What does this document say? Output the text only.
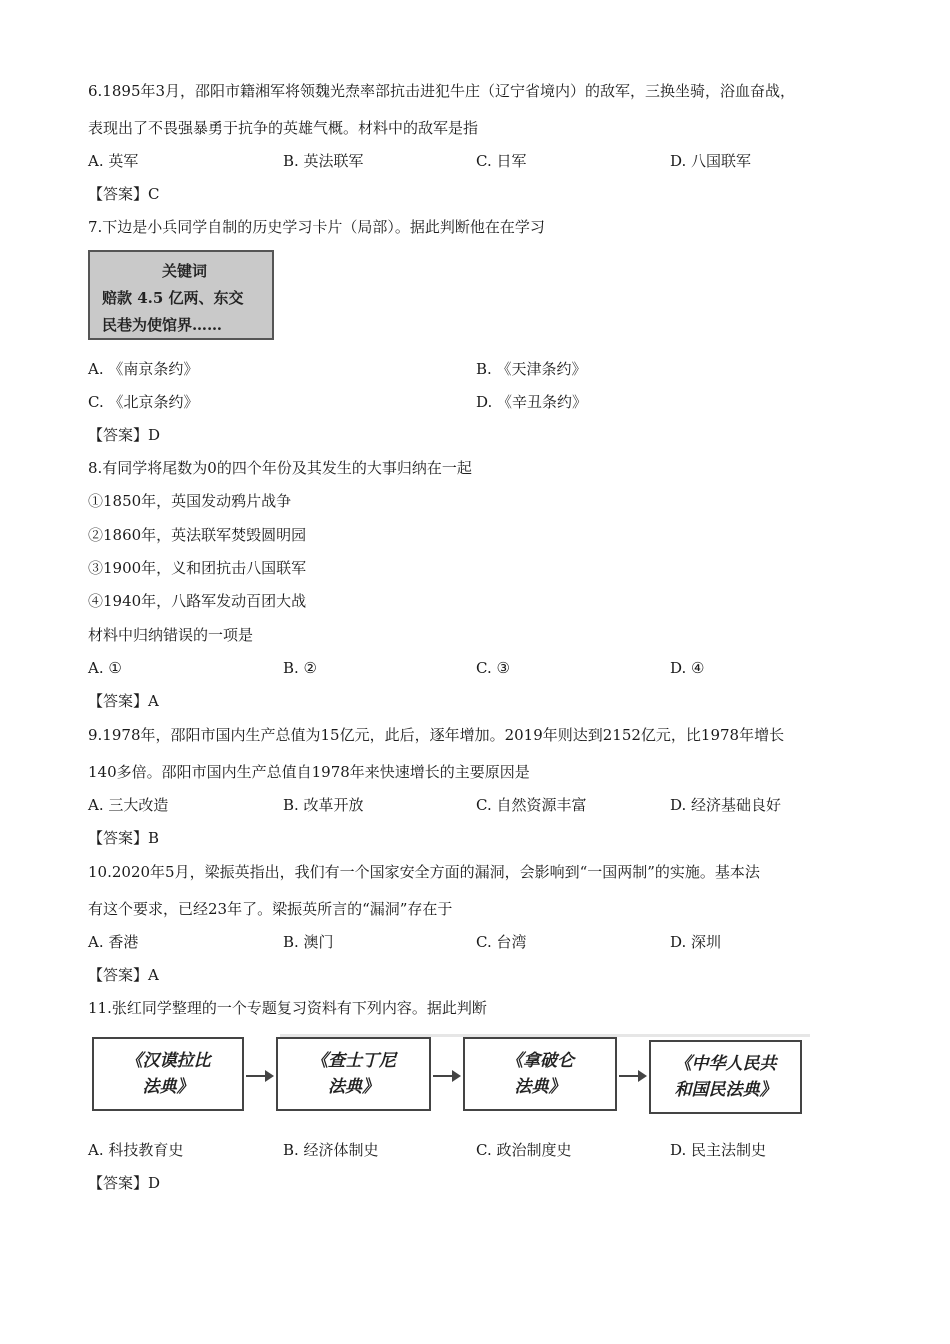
6.1895年3月，邵阳市籍湘军将领魏光焘率部抗击进犯牛庄（辽宁省境内）的敌军，三换坐骑，浴血奋战，
表现出了不畏强暴勇于抗争的英雄气概。材料中的敌军是指
A. 英军	B. 英法联军	C. 日军	D. 八国联军
【答案】C
7.下边是小兵同学自制的历史学习卡片（局部）。据此判断他在在学习
关键词
赔款 4.5 亿两、东交
民巷为使馆界……
A. 《南京条约》	B. 《天津条约》
C. 《北京条约》	D. 《辛丑条约》
【答案】D
8.有同学将尾数为0的四个年份及其发生的大事归纳在一起
①1850年，英国发动鸦片战争
②1860年，英法联军焚毁圆明园
③1900年，义和团抗击八国联军
④1940年，八路军发动百团大战
材料中归纳错误的一项是
A. ①	B. ②	C. ③	D. ④
【答案】A
9.1978年，邵阳市国内生产总值为15亿元，此后，逐年增加。2019年则达到2152亿元，比1978年增长
140多倍。邵阳市国内生产总值自1978年来快速增长的主要原因是
A. 三大改造	B. 改革开放	C. 自然资源丰富	D. 经济基础良好
【答案】B
10.2020年5月，梁振英指出，我们有一个国家安全方面的漏洞，会影响到“一国两制”的实施。基本法
有这个要求，已经23年了。梁振英所言的“漏洞”存在于
A. 香港	B. 澳门	C. 台湾	D. 深圳
【答案】A
11.张红同学整理的一个专题复习资料有下列内容。据此判断
《汉谟拉比
法典》
《查士丁尼
法典》
《拿破仑
法典》
《中华人民共
和国民法典》
A. 科技教育史	B. 经济体制史	C. 政治制度史	D. 民主法制史
【答案】D
